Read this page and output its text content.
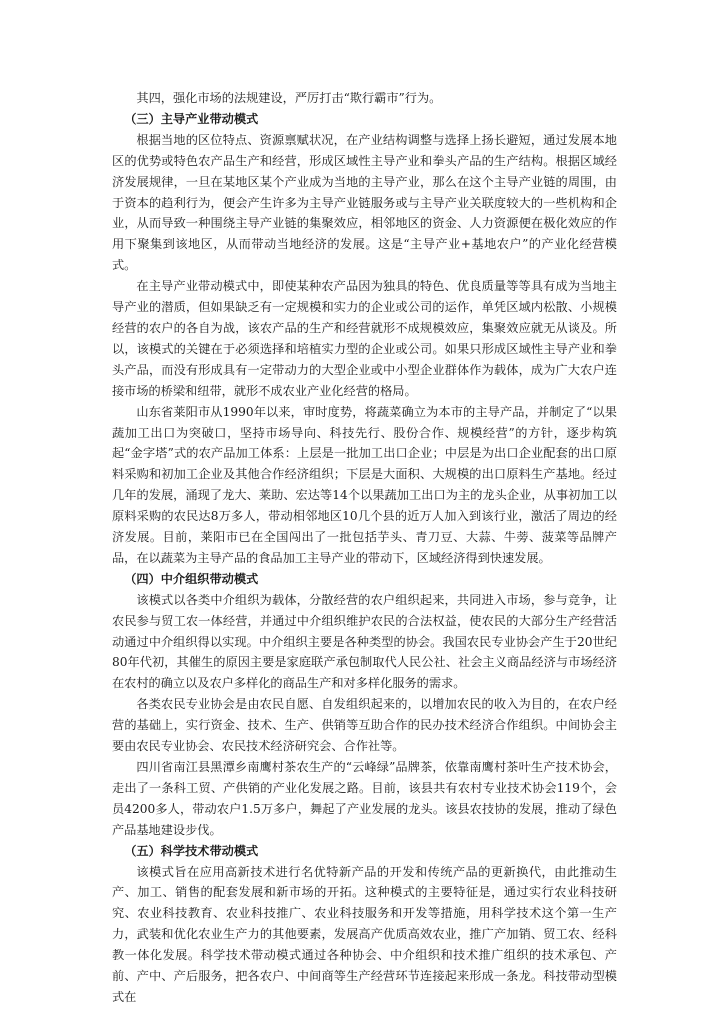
其四，强化市场的法规建设，严厉打击“欺行霸市”行为。

（三）主导产业带动模式

根据当地的区位特点、资源禀赋状况，在产业结构调整与选择上扬长避短，通过发展本地区的优势或特色农产品生产和经营，形成区域性主导产业和拳头产品的生产结构。根据区域经济发展规律，一旦在某地区某个产业成为当地的主导产业，那么在这个主导产业链的周围，由于资本的趋利行为，便会产生许多为主导产业链服务或与主导产业关联度较大的一些机构和企业，从而导致一种围绕主导产业链的集聚效应，相邻地区的资金、人力资源便在极化效应的作用下聚集到该地区，从而带动当地经济的发展。这是“主导产业+基地农户”的产业化经营模式。

在主导产业带动模式中，即使某种农产品因为独具的特色、优良质量等等具有成为当地主导产业的潜质，但如果缺乏有一定规模和实力的企业或公司的运作，单凭区域内松散、小规模经营的农户的各自为战，该农产品的生产和经营就形不成规模效应，集聚效应就无从谈及。所以，该模式的关键在于必须选择和培植实力型的企业或公司。如果只形成区域性主导产业和拳头产品，而没有形成具有一定带动力的大型企业或中小型企业群体作为载体，成为广大农户连接市场的桥梁和纽带，就形不成农业产业化经营的格局。

山东省莱阳市从1990年以来，审时度势，将蔬菜确立为本市的主导产品，并制定了“以果蔬加工出口为突破口，坚持市场导向、科技先行、股份合作、规模经营”的方针，逐步构筑起“金字塔”式的农产品加工体系：上层是一批加工出口企业；中层是为出口企业配套的出口原料采购和初加工企业及其他合作经济组织；下层是大面积、大规模的出口原料生产基地。经过几年的发展，涌现了龙大、莱助、宏达等14个以果蔬加工出口为主的龙头企业，从事初加工以原料采购的农民达8万多人，带动相邻地区10几个县的近万人加入到该行业，激活了周边的经济发展。目前，莱阳市已在全国闯出了一批包括芋头、青刀豆、大蒜、牛蒡、菠菜等品牌产品，在以蔬菜为主导产品的食品加工主导产业的带动下，区域经济得到快速发展。

（四）中介组织带动模式

该模式以各类中介组织为载体，分散经营的农户组织起来，共同进入市场，参与竞争，让农民参与贸工农一体经营，并通过中介组织维护农民的合法权益，使农民的大部分生产经营活动通过中介组织得以实现。中介组织主要是各种类型的协会。我国农民专业协会产生于20世纪80年代初，其催生的原因主要是家庭联产承包制取代人民公社、社会主义商品经济与市场经济在农村的确立以及农户多样化的商品生产和对多样化服务的需求。

各类农民专业协会是由农民自愿、自发组织起来的，以增加农民的收入为目的，在农户经营的基础上，实行资金、技术、生产、供销等互助合作的民办技术经济合作组织。中间协会主要由农民专业协会、农民技术经济研究会、合作社等。

四川省南江县黑潭乡南鹰村茶农生产的“云峰绿”品牌茶，依靠南鹰村茶叶生产技术协会，走出了一条科工贸、产供销的产业化发展之路。目前，该县共有农村专业技术协会119个，会员4200多人，带动农户1.5万多户，舞起了产业发展的龙头。该县农技协的发展，推动了绿色产品基地建设步伐。

（五）科学技术带动模式

该模式旨在应用高新技术进行名优特新产品的开发和传统产品的更新换代，由此推动生产、加工、销售的配套发展和新市场的开拓。这种模式的主要特征是，通过实行农业科技研究、农业科技教育、农业科技推广、农业科技服务和开发等措施，用科学技术这个第一生产力，武装和优化农业生产力的其他要素，发展高产优质高效农业，推广产加销、贸工农、经科教一体化发展。科学技术带动模式通过各种协会、中介组织和技术推广组织的技术承包、产前、产中、产后服务，把各农户、中间商等生产经营环节连接起来形成一条龙。科技带动型模式在
